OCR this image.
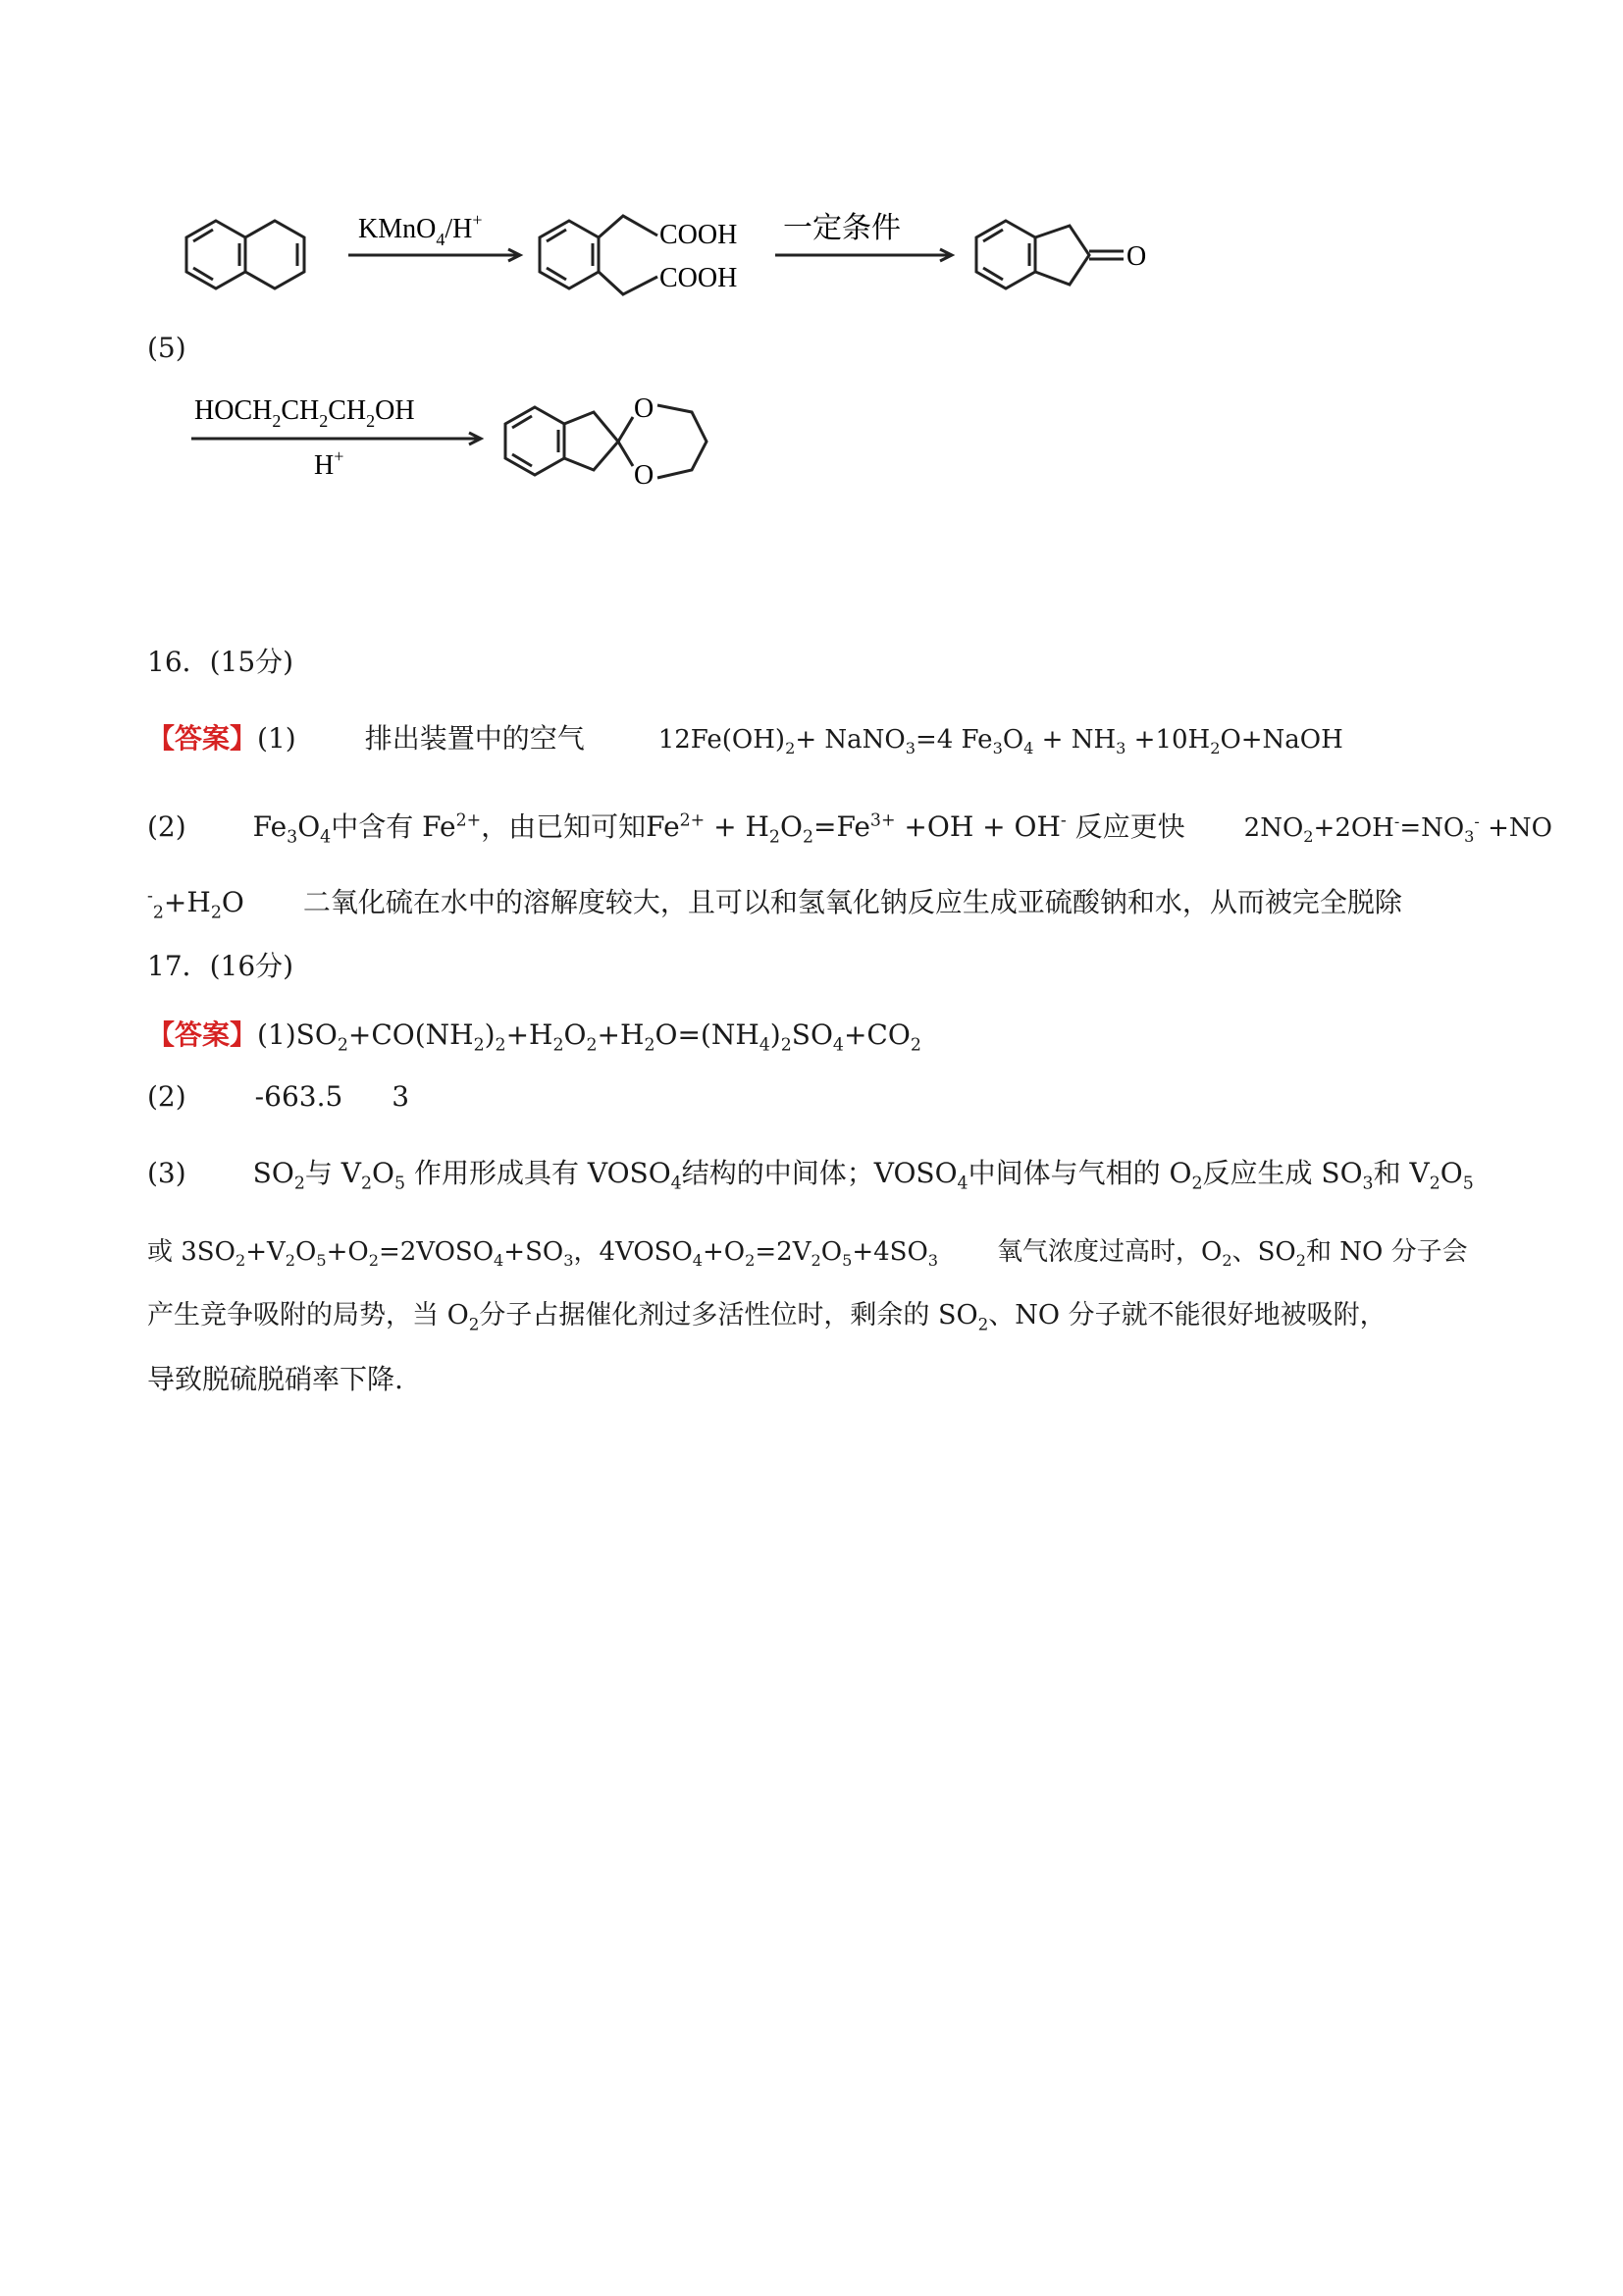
KMnO$_4$/H+	COOH
COOH
一定条件
O
(5)
$HOCH_2CH_2CH_2OH$
H+
O
O
16．(15分)
【答案】(1)	排出装置中的空气	$12Fe(OH)_2+$ NaNO$_3$=4 $Fe_3O_4 + NH_3$ $+10H_2O+NaOH$
(2) $Fe_3O_4$中含有 $Fe^{2+}$，由已知可知$Fe^{2+} + H_2O_2=Fe^{3+} +OH + OH^-$ 反应更快 $2NO_2+2OH^-=NO_3^- +NO$
$^-_2+H_2O$ 二氧化硫在水中的溶解度较大，且可以和氢氧化钠反应生成亚硫酸钠和水，从而被完全脱除
17．(16分)
【答案】$(1)SO_2+CO(NH_2)_2+H_2O_2+H_2O=(NH_4)_2SO_4+CO_2$
(2)	-663.5 3
(3) $SO_2$与 $V_2O_5$ 作用形成具有 $VOSO_4$结构的中间体；$VOSO_4$中间体与气相的 $O_2$反应生成 $SO_3$和 $V_2O_5$
或 $3SO_2+V_2O_5+O_2=2VOSO_4+SO_3$，$4VOSO_4+O_2=2V_2O_5+4SO_3$ 氧气浓度过高时，$O_2$、$SO_2$和 NO 分子会
产生竞争吸附的局势，当 $O_2$分子占据催化剂过多活性位时，剩余的 $SO_2$、NO 分子就不能很好地被吸附，
导致脱硫脱硝率下降.
